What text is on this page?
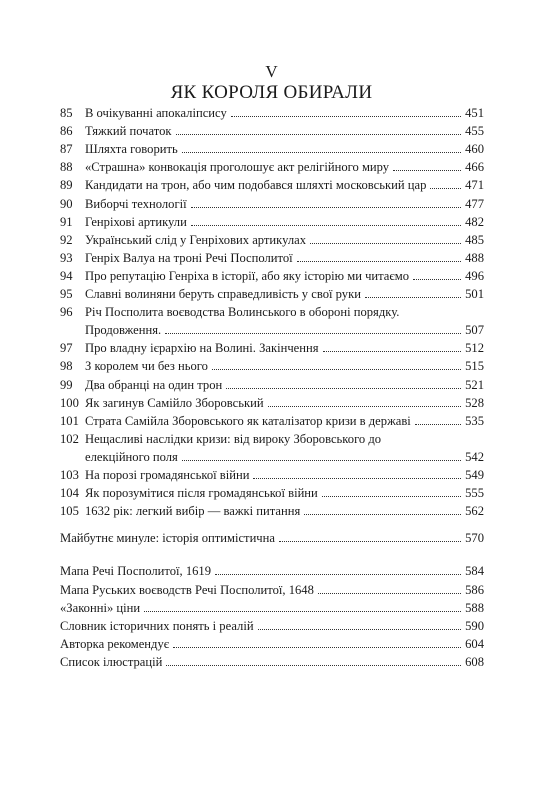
V
ЯК КОРОЛЯ ОБИРАЛИ
85 В очікуванні апокаліпсису	451
86 Тяжкий початок	455
87 Шляхта говорить	460
88 «Страшна» конвокація проголошує акт релігійного миру	466
89 Кандидати на трон, або чим подобався шляхті московський цар	471
90 Виборчі технології	477
91 Генріхові артикули	482
92 Український слід у Генріхових артикулах	485
93 Генріх Валуа на троні Речі Посполитої	488
94 Про репутацію Генріха в історії, або яку історію ми читаємо	496
95 Славні волиняни беруть справедливість у свої руки	501
96 Річ Посполита воєводства Волинського в обороні порядку.
Продовження.	507
97 Про владну ієрархію на Волині. Закінчення	512
98 З королем чи без нього	515
99 Два обранці на один трон	521
100 Як загинув Самійло Зборовський	528
101 Страта Самійла Зборовського як каталізатор кризи в державі	535
102 Нещасливі наслідки кризи: від вироку Зборовського до
елекційного поля	542
103 На порозі громадянської війни	549
104 Як порозумітися після громадянської війни	555
105 1632 рік: легкий вибір — важкі питання	562
Майбутнє минуле: історія оптимістична	570
Мапа Речі Посполитої, 1619	584
Мапа Руських воєводств Речі Посполитої, 1648	586
«Законні» ціни	588
Словник історичних понять і реалій	590
Авторка рекомендує	604
Список ілюстрацій	608
